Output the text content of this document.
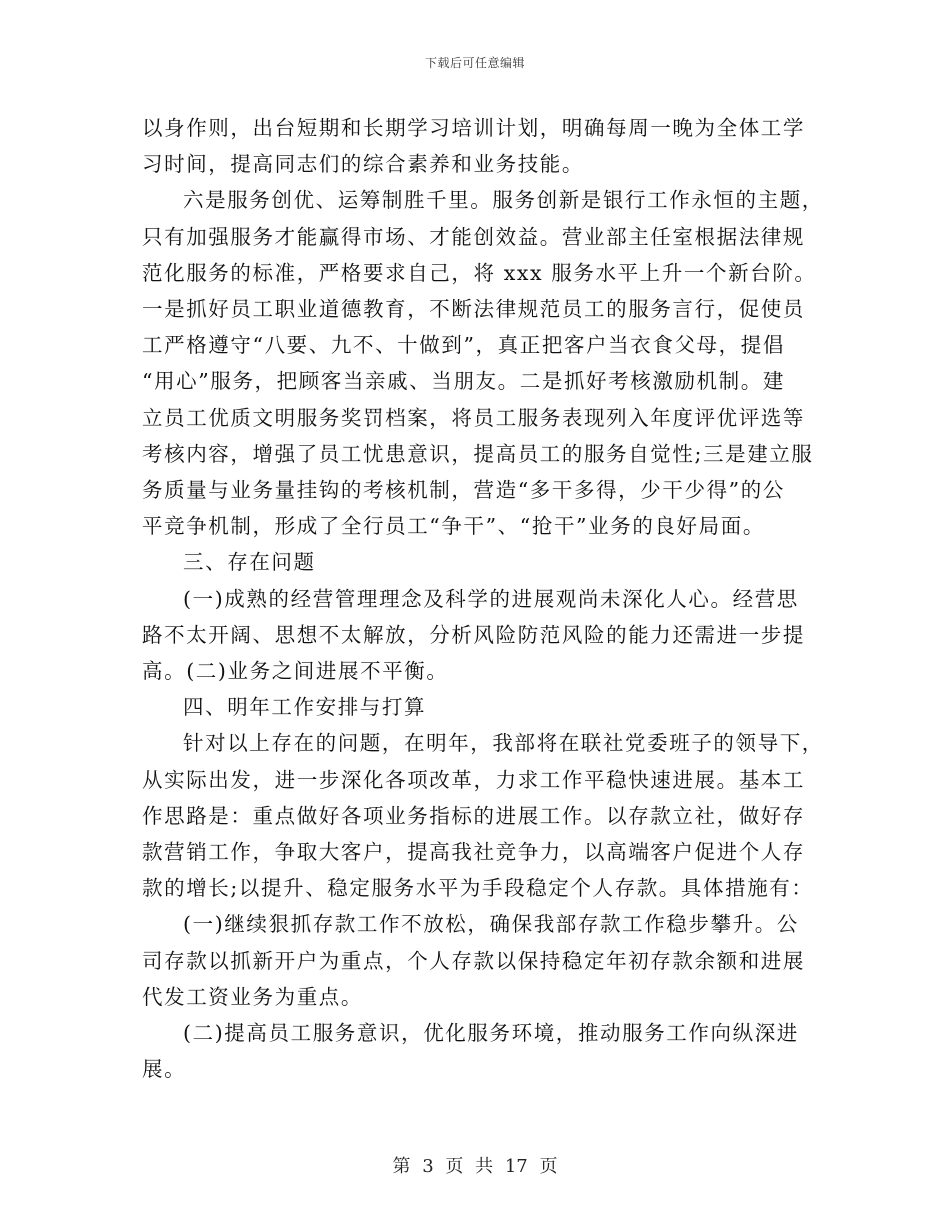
下载后可任意编辑

以身作则，出台短期和长期学习培训计划，明确每周一晚为全体工学
习时间，提高同志们的综合素养和业务技能。

六是服务创优、运筹制胜千里。服务创新是银行工作永恒的主题，
只有加强服务才能赢得市场、才能创效益。营业部主任室根据法律规
范化服务的标准，严格要求自己，将 xxx 服务水平上升一个新台阶。
一是抓好员工职业道德教育，不断法律规范员工的服务言行，促使员
工严格遵守“八要、九不、十做到”，真正把客户当衣食父母，提倡
“用心”服务，把顾客当亲戚、当朋友。二是抓好考核激励机制。建
立员工优质文明服务奖罚档案，将员工服务表现列入年度评优评选等
考核内容，增强了员工忧患意识，提高员工的服务自觉性;三是建立服
务质量与业务量挂钩的考核机制，营造“多干多得，少干少得”的公
平竞争机制，形成了全行员工“争干”、“抢干”业务的良好局面。

三、存在问题

(一)成熟的经营管理理念及科学的进展观尚未深化人心。经营思
路不太开阔、思想不太解放，分析风险防范风险的能力还需进一步提
高。(二)业务之间进展不平衡。

四、明年工作安排与打算

针对以上存在的问题，在明年，我部将在联社党委班子的领导下，
从实际出发，进一步深化各项改革，力求工作平稳快速进展。基本工
作思路是：重点做好各项业务指标的进展工作。以存款立社，做好存
款营销工作，争取大客户，提高我社竞争力，以高端客户促进个人存
款的增长;以提升、稳定服务水平为手段稳定个人存款。具体措施有：

(一)继续狠抓存款工作不放松，确保我部存款工作稳步攀升。公
司存款以抓新开户为重点，个人存款以保持稳定年初存款余额和进展
代发工资业务为重点。

(二)提高员工服务意识，优化服务环境，推动服务工作向纵深进
展。

第 3 页 共 17 页
